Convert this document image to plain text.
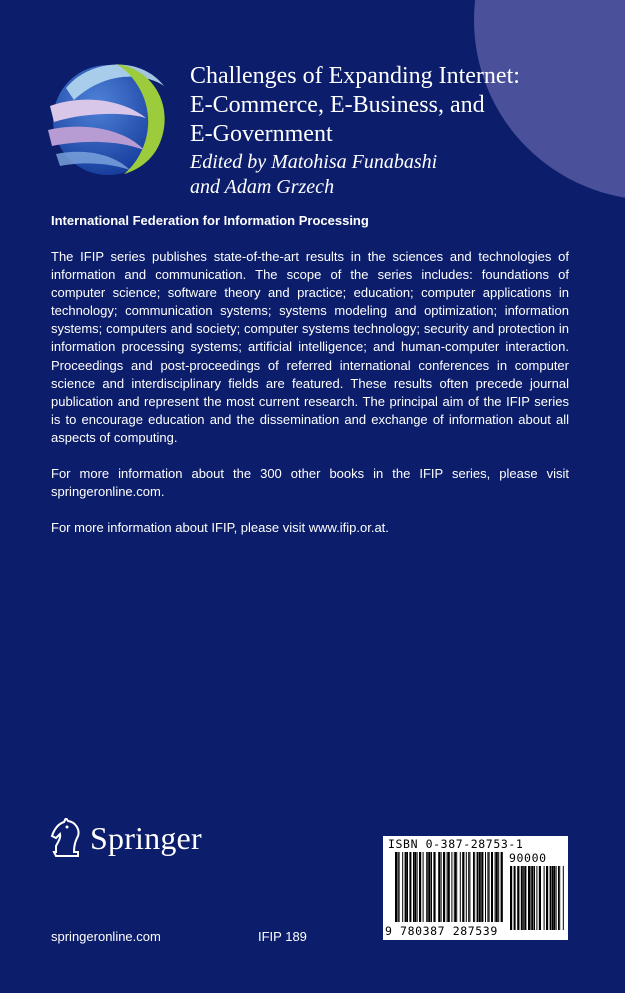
Challenges of Expanding Internet:
E-Commerce, E-Business, and
E-Government
Edited by Matohisa Funabashi
and Adam Grzech
International Federation for Information Processing

The IFIP series publishes state-of-the-art results in the sciences and technologies of information and communication. The scope of the series includes: foundations of computer science; software theory and practice; education; computer applications in technology; communication systems; systems modeling and optimization; information systems; computers and society; computer systems technology; security and protection in information processing systems; artificial intelligence; and human-computer interaction. Proceedings and post-proceedings of referred international conferences in computer science and interdisciplinary fields are featured. These results often precede journal publication and represent the most current research. The principal aim of the IFIP series is to encourage education and the dissemination and exchange of information about all aspects of computing.

For more information about the 300 other books in the IFIP series, please visit springeronline.com.

For more information about IFIP, please visit www.ifip.or.at.

Springer
springeronline.com	IFIP 189
ISBN 0-387-28753-1
90000
9 780387 287539
